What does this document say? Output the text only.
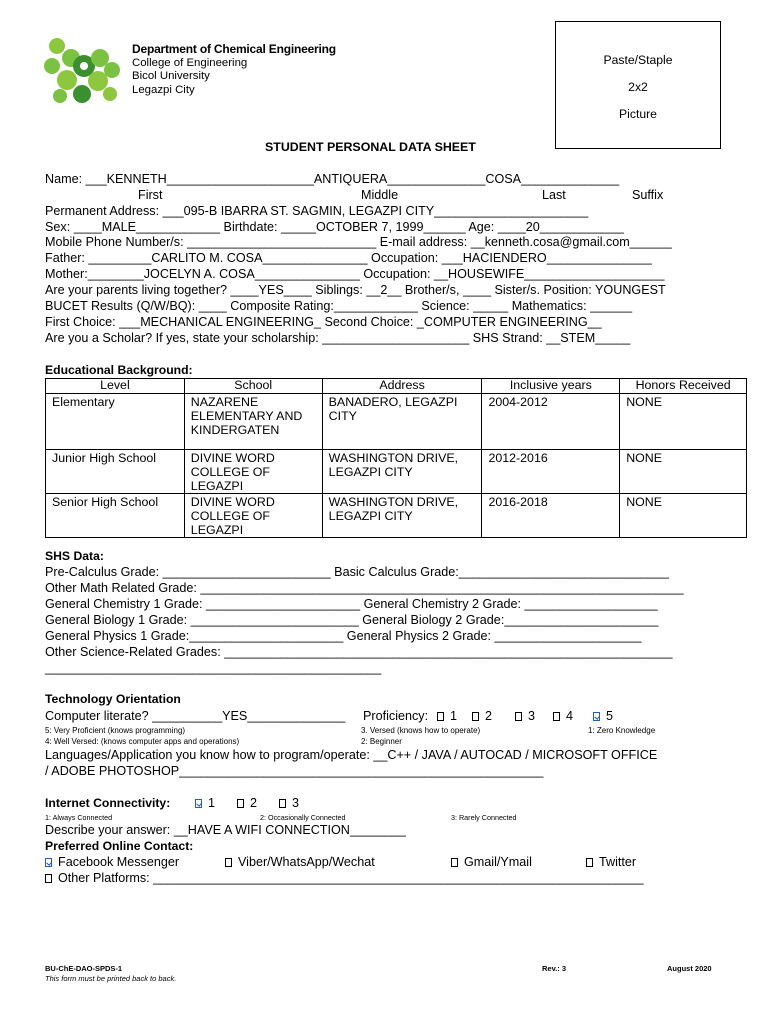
Department of Chemical Engineering
College of Engineering
Bicol University
Legazpi City
Paste/Staple
2x2
Picture
STUDENT PERSONAL DATA SHEET
Name: ___KENNETH_____________________ANTIQUERA______________COSA______________
First	Middle	Last	Suffix
Permanent Address: ___095-B IBARRA ST. SAGMIN, LEGAZPI CITY______________________
Sex: ____MALE____________ Birthdate: _____OCTOBER 7, 1999______ Age: ____20____________
Mobile Phone Number/s: ___________________________ E-mail address: __kenneth.cosa@gmail.com______
Father: _________CARLITO M. COSA_______________ Occupation: ___HACIENDERO_______________
Mother:________JOCELYN A. COSA_______________ Occupation: __HOUSEWIFE____________________
Are your parents living together? ____YES____ Siblings: __2__ Brother/s, ____ Sister/s. Position: YOUNGEST
BUCET Results (Q/W/BQ): ____ Composite Rating:____________ Science: _____ Mathematics: ______
First Choice: ___MECHANICAL ENGINEERING_ Second Choice: _COMPUTER ENGINEERING__
Are you a Scholar? If yes, state your scholarship: _____________________ SHS Strand: __STEM_____
Educational Background:
Level	School	Address	Inclusive years	Honors Received
Elementary	NAZARENE ELEMENTARY AND KINDERGATEN	BANADERO, LEGAZPI CITY	2004-2012	NONE
Junior High School	DIVINE WORD COLLEGE OF LEGAZPI	WASHINGTON DRIVE, LEGAZPI CITY	2012-2016	NONE
Senior High School	DIVINE WORD COLLEGE OF LEGAZPI	WASHINGTON DRIVE, LEGAZPI CITY	2016-2018	NONE
SHS Data:
Pre-Calculus Grade: ________________________ Basic Calculus Grade:______________________________
Other Math Related Grade: _____________________________________________________________________
General Chemistry 1 Grade: ______________________ General Chemistry 2 Grade: ___________________
General Biology 1 Grade: ________________________ General Biology 2 Grade:______________________
General Physics 1 Grade:______________________ General Physics 2 Grade: _____________________
Other Science-Related Grades: ________________________________________________________________
________________________________________________
Technology Orientation
Computer literate? __________YES______________ Proficiency:	1	2	3	4	5
5: Very Proficient (knows programming)	3. Versed (knows how to operate)	1: Zero Knowledge
4: Well Versed: (knows computer apps and operations)	2: Beginner
Languages/Application you know how to program/operate: __C++ / JAVA / AUTOCAD / MICROSOFT OFFICE
/ ADOBE PHOTOSHOP____________________________________________________
Internet Connectivity:	1	2	3
1: Always Connected	2: Occasionally Connected	3: Rarely Connected
Describe your answer: __HAVE A WIFI CONNECTION________
Preferred Online Contact:
Facebook Messenger	Viber/WhatsApp/Wechat	Gmail/Ymail	Twitter
Other Platforms: ______________________________________________________________________
BU-ChE-DAO-SPDS-1
This form must be printed back to back.
Rev.: 3	August 2020
